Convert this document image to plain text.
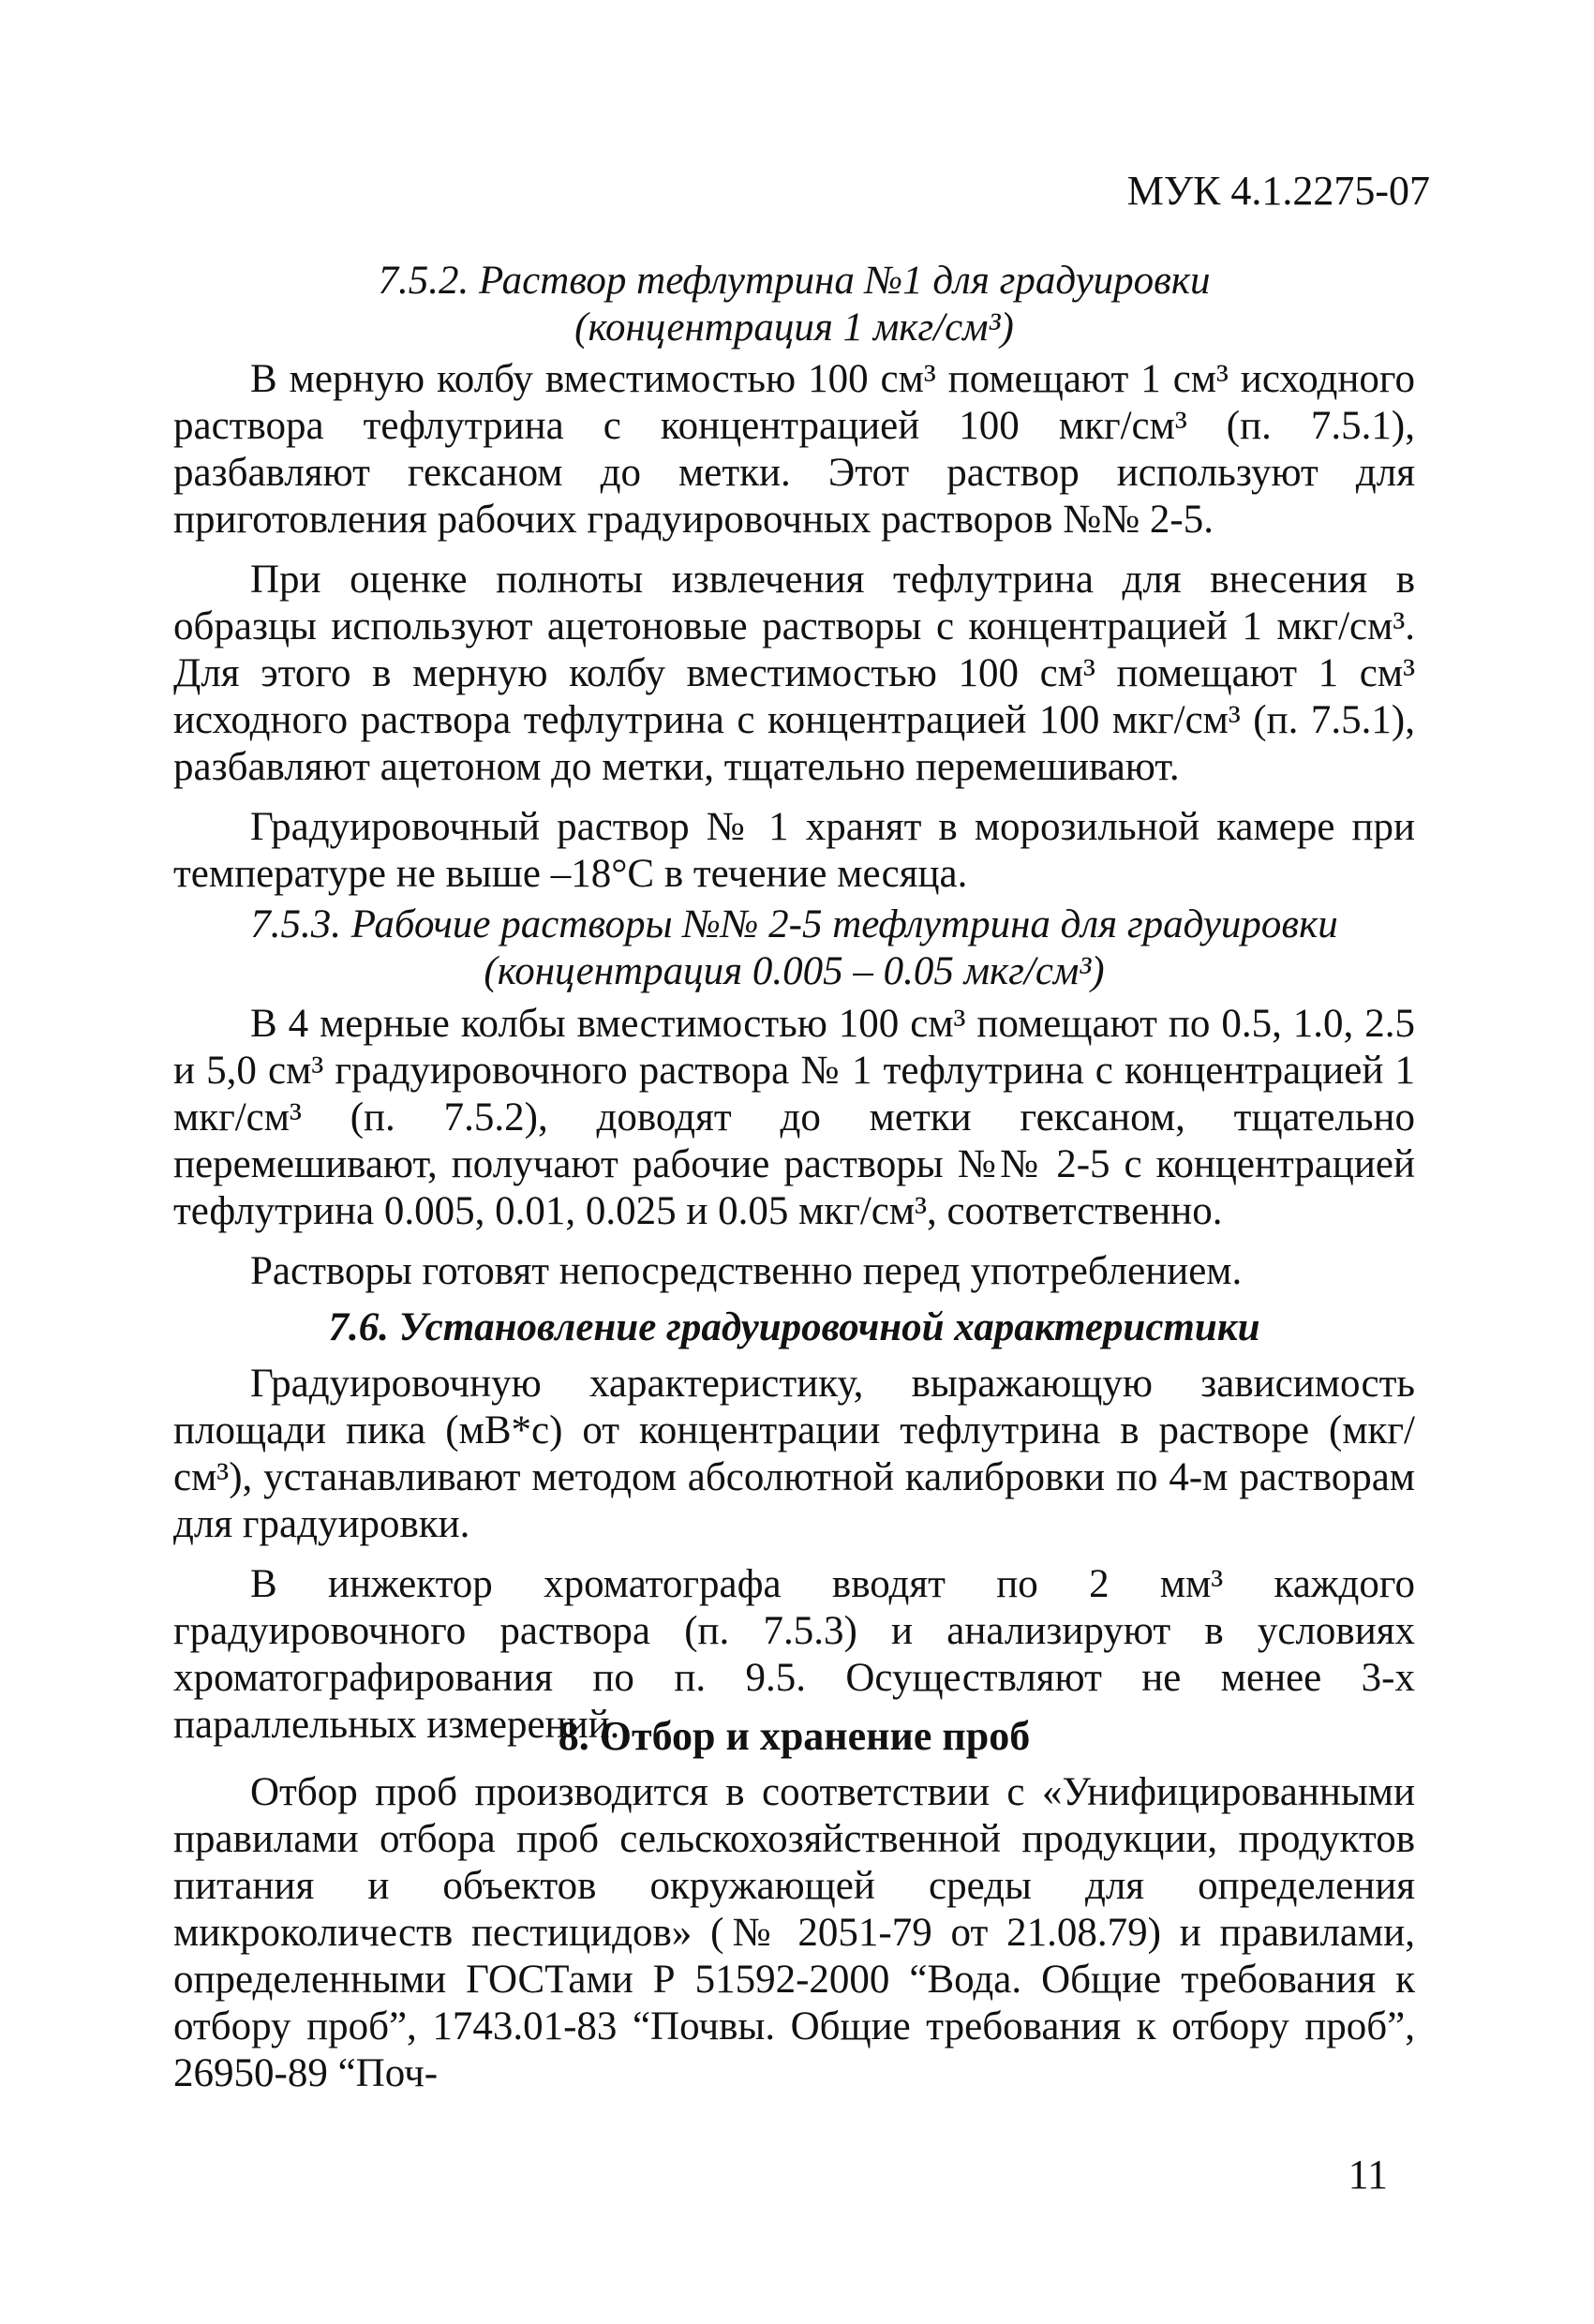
МУК 4.1.2275-07
7.5.2. Раствор тефлутрина №1 для градуировки
(концентрация 1 мкг/см³)

В мерную колбу вместимостью 100 см³ помещают 1 см³ исходного раствора тефлутрина с концентрацией 100 мкг/см³ (п. 7.5.1), разбавляют гексаном до метки. Этот раствор используют для приготовления рабочих градуировочных растворов №№ 2-5.

При оценке полноты извлечения тефлутрина для внесения в образцы используют ацетоновые растворы с концентрацией 1 мкг/см³. Для этого в мерную колбу вместимостью 100 см³ помещают 1 см³ исходного раствора тефлутрина с концентрацией 100 мкг/см³ (п. 7.5.1), разбавляют ацетоном до метки, тщательно перемешивают.

Градуировочный раствор № 1 хранят в морозильной камере при температуре не выше –18°С в течение месяца.

7.5.3. Рабочие растворы №№ 2-5 тефлутрина для градуировки
(концентрация 0.005 – 0.05 мкг/см³)

В 4 мерные колбы вместимостью 100 см³ помещают по 0.5, 1.0, 2.5 и 5,0 см³ градуировочного раствора № 1 тефлутрина с концентрацией 1 мкг/см³ (п. 7.5.2), доводят до метки гексаном, тщательно перемешивают, получают рабочие растворы №№ 2-5 с концентрацией тефлутрина 0.005, 0.01, 0.025 и 0.05 мкг/см³, соответственно.

Растворы готовят непосредственно перед употреблением.

7.6. Установление градуировочной характеристики

Градуировочную характеристику, выражающую зависимость площади пика (мВ*с) от концентрации тефлутрина в растворе (мкг/см³), устанавливают методом абсолютной калибровки по 4-м растворам для градуировки.

В инжектор хроматографа вводят по 2 мм³ каждого градуировочного раствора (п. 7.5.3) и анализируют в условиях хроматографирования по п. 9.5. Осуществляют не менее 3-х параллельных измерений.

8. Отбор и хранение проб

Отбор проб производится в соответствии с «Унифицированными правилами отбора проб сельскохозяйственной продукции, продуктов питания и объектов окружающей среды для определения микроколичеств пестицидов» (№ 2051-79 от 21.08.79) и правилами, определенными ГОСТами Р 51592-2000 “Вода. Общие требования к отбору проб”, 1743.01-83 “Почвы. Общие требования к отбору проб”, 26950-89 “Поч-

11
